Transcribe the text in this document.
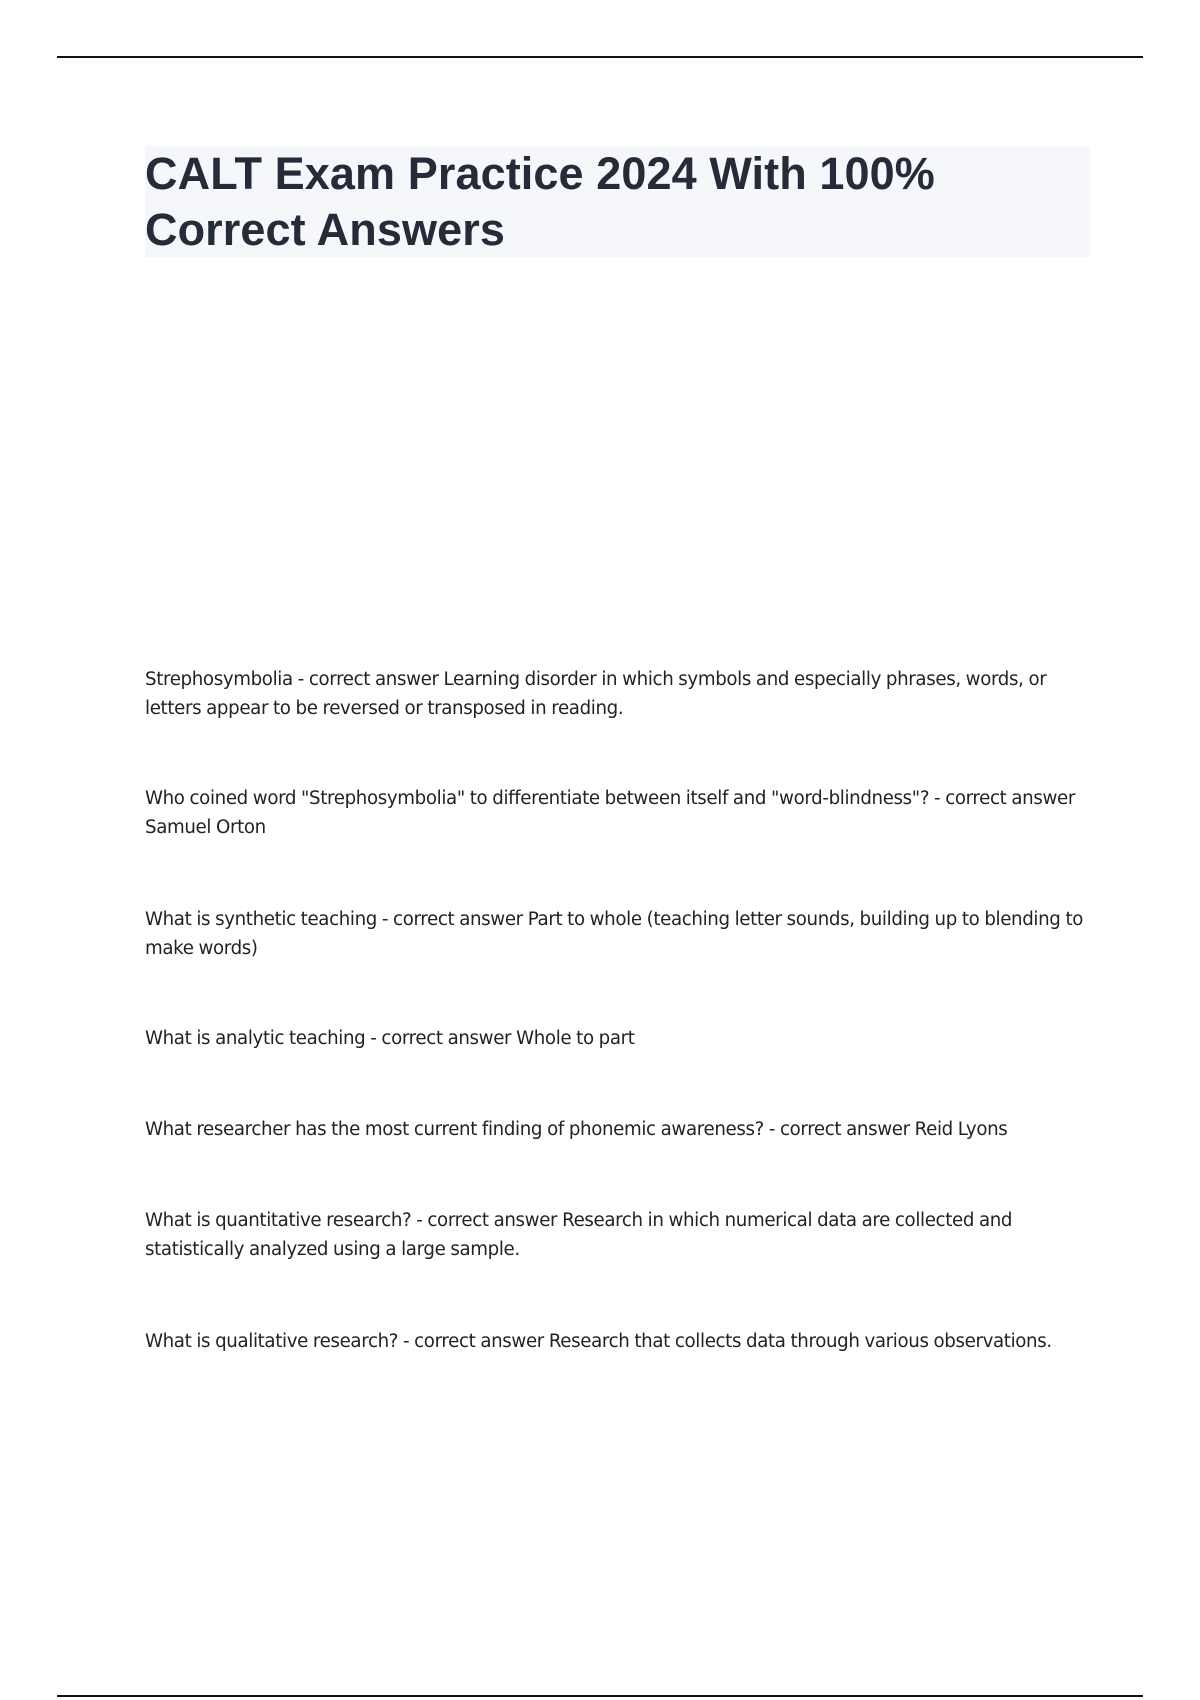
CALT Exam Practice 2024 With 100% Correct Answers

Strephosymbolia - correct answer Learning disorder in which symbols and especially phrases, words, or letters appear to be reversed or transposed in reading.

Who coined word "Strephosymbolia" to differentiate between itself and "word-blindness"? - correct answer Samuel Orton

What is synthetic teaching - correct answer Part to whole (teaching letter sounds, building up to blending to make words)

What is analytic teaching - correct answer Whole to part

What researcher has the most current finding of phonemic awareness? - correct answer Reid Lyons

What is quantitative research? - correct answer Research in which numerical data are collected and statistically analyzed using a large sample.

What is qualitative research? - correct answer Research that collects data through various observations.
